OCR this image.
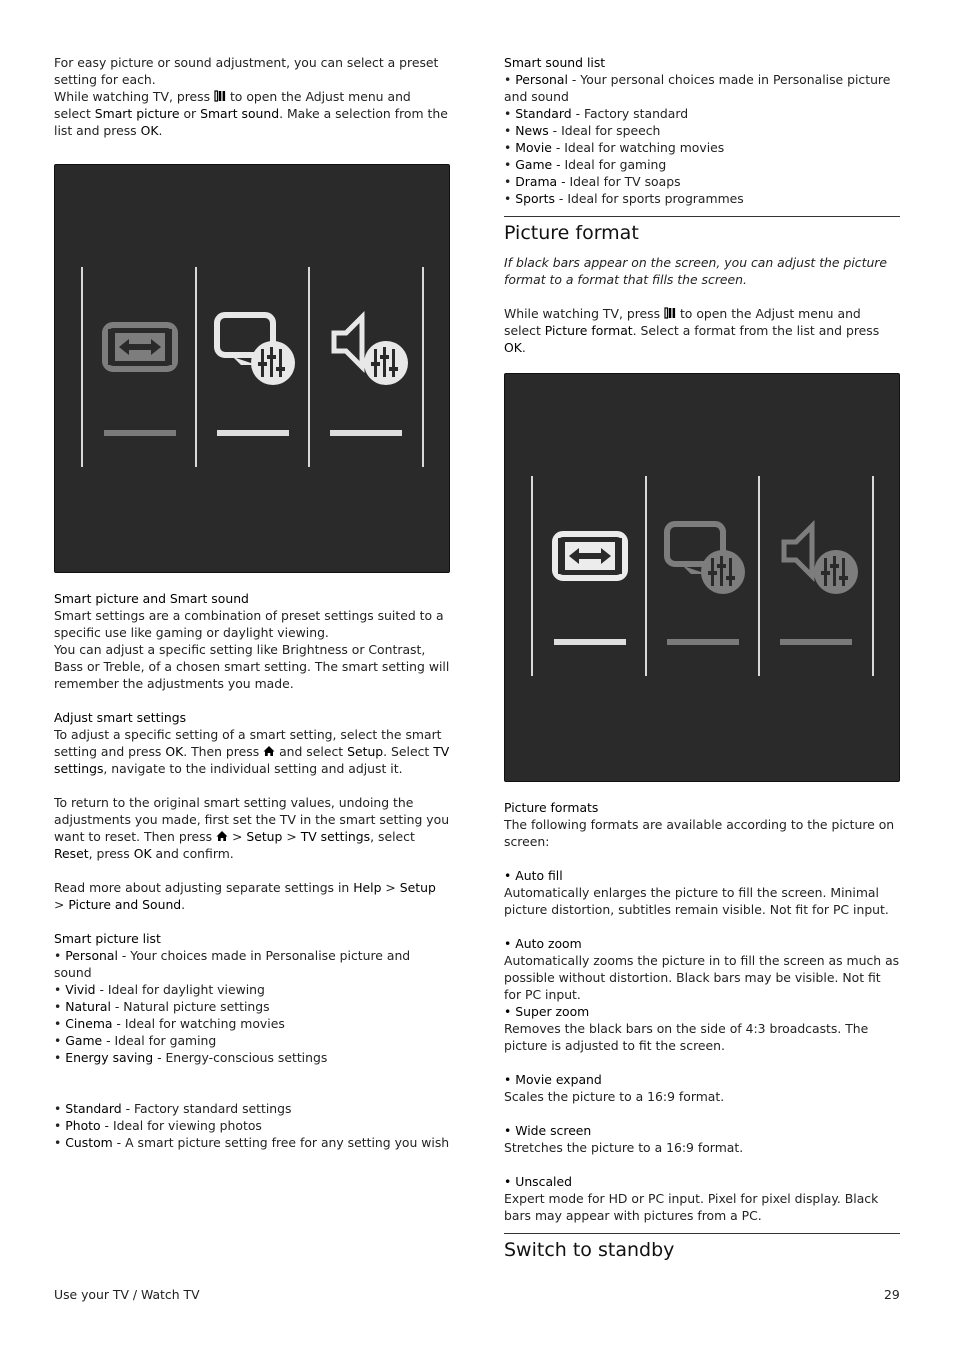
For easy picture or sound adjustment, you can select a preset setting for each.

While watching TV, press to open the Adjust menu and select Smart picture or Smart sound. Make a selection from the list and press OK.

Smart picture and Smart sound

Smart settings are a combination of preset settings suited to a specific use like gaming or daylight viewing.

You can adjust a specific setting like Brightness or Contrast, Bass or Treble, of a chosen smart setting. The smart setting will remember the adjustments you made.

Adjust smart settings

To adjust a specific setting of a smart setting, select the smart setting and press OK. Then press and select Setup. Select TV settings, navigate to the individual setting and adjust it.

To return to the original smart setting values, undoing the adjustments you made, first set the TV in the smart setting you want to reset. Then press > Setup > TV settings, select Reset, press OK and confirm.

Read more about adjusting separate settings in Help > Setup > Picture and Sound.

Smart picture list

• Personal - Your choices made in Personalise picture and sound

• Vivid - Ideal for daylight viewing

• Natural - Natural picture settings

• Cinema - Ideal for watching movies

• Game - Ideal for gaming

• Energy saving - Energy-conscious settings

• Standard - Factory standard settings

• Photo - Ideal for viewing photos

• Custom - A smart picture setting free for any setting you wish

Smart sound list

• Personal - Your personal choices made in Personalise picture and sound

• Standard - Factory standard

• News - Ideal for speech

• Movie - Ideal for watching movies

• Game - Ideal for gaming

• Drama - Ideal for TV soaps

• Sports - Ideal for sports programmes

Picture format

If black bars appear on the screen, you can adjust the picture format to a format that fills the screen.

While watching TV, press to open the Adjust menu and select Picture format. Select a format from the list and press OK.

Picture formats

The following formats are available according to the picture on screen:

• Auto fill

Automatically enlarges the picture to fill the screen. Minimal picture distortion, subtitles remain visible. Not fit for PC input.

• Auto zoom

Automatically zooms the picture in to fill the screen as much as possible without distortion. Black bars may be visible. Not fit for PC input.

• Super zoom

Removes the black bars on the side of 4:3 broadcasts. The picture is adjusted to fit the screen.

• Movie expand

Scales the picture to a 16:9 format.

• Wide screen

Stretches the picture to a 16:9 format.

• Unscaled

Expert mode for HD or PC input. Pixel for pixel display. Black bars may appear with pictures from a PC.

Switch to standby
Use your TV / Watch TV	29
